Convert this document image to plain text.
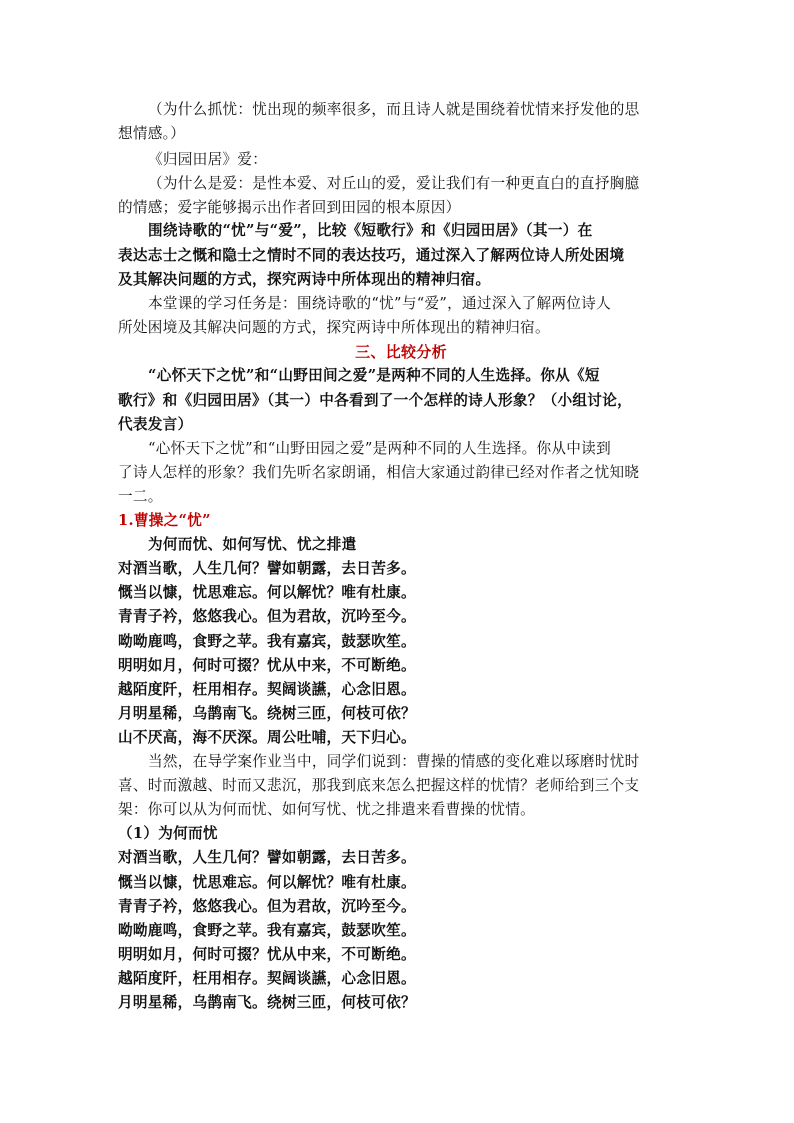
（为什么抓忧：忧出现的频率很多，而且诗人就是围绕着忧情来抒发他的思
想情感。）
《归园田居》爱：
（为什么是爱：是性本爱、对丘山的爱，爱让我们有一种更直白的直抒胸臆
的情感；爱字能够揭示出作者回到田园的根本原因）
围绕诗歌的“忧”与“爱”，比较《短歌行》和《归园田居》（其一）在
表达志士之慨和隐士之情时不同的表达技巧，通过深入了解两位诗人所处困境
及其解决问题的方式，探究两诗中所体现出的精神归宿。
本堂课的学习任务是：围绕诗歌的“忧”与“爱”，通过深入了解两位诗人
所处困境及其解决问题的方式，探究两诗中所体现出的精神归宿。
三、比较分析
“心怀天下之忧”和“山野田间之爱”是两种不同的人生选择。你从《短
歌行》和《归园田居》（其一）中各看到了一个怎样的诗人形象？（小组讨论，
代表发言）
“心怀天下之忧”和“山野田园之爱”是两种不同的人生选择。你从中读到
了诗人怎样的形象？我们先听名家朗诵，相信大家通过韵律已经对作者之忧知晓
一二。
1.曹操之“忧”
为何而忧、如何写忧、忧之排遣
对酒当歌，人生几何？譬如朝露，去日苦多。
慨当以慷，忧思难忘。何以解忧？唯有杜康。
青青子衿，悠悠我心。但为君故，沉吟至今。
呦呦鹿鸣，食野之苹。我有嘉宾，鼓瑟吹笙。
明明如月，何时可掇？忧从中来，不可断绝。
越陌度阡，枉用相存。契阔谈讌，心念旧恩。
月明星稀，乌鹊南飞。绕树三匝，何枝可依？
山不厌高，海不厌深。周公吐哺，天下归心。
当然，在导学案作业当中，同学们说到：曹操的情感的变化难以琢磨时忧时
喜、时而激越、时而又悲沉，那我到底来怎么把握这样的忧情？老师给到三个支
架：你可以从为何而忧、如何写忧、忧之排遣来看曹操的忧情。
（1）为何而忧
对酒当歌，人生几何？譬如朝露，去日苦多。
慨当以慷，忧思难忘。何以解忧？唯有杜康。
青青子衿，悠悠我心。但为君故，沉吟至今。
呦呦鹿鸣，食野之苹。我有嘉宾，鼓瑟吹笙。
明明如月，何时可掇？忧从中来，不可断绝。
越陌度阡，枉用相存。契阔谈讌，心念旧恩。
月明星稀，乌鹊南飞。绕树三匝，何枝可依？
